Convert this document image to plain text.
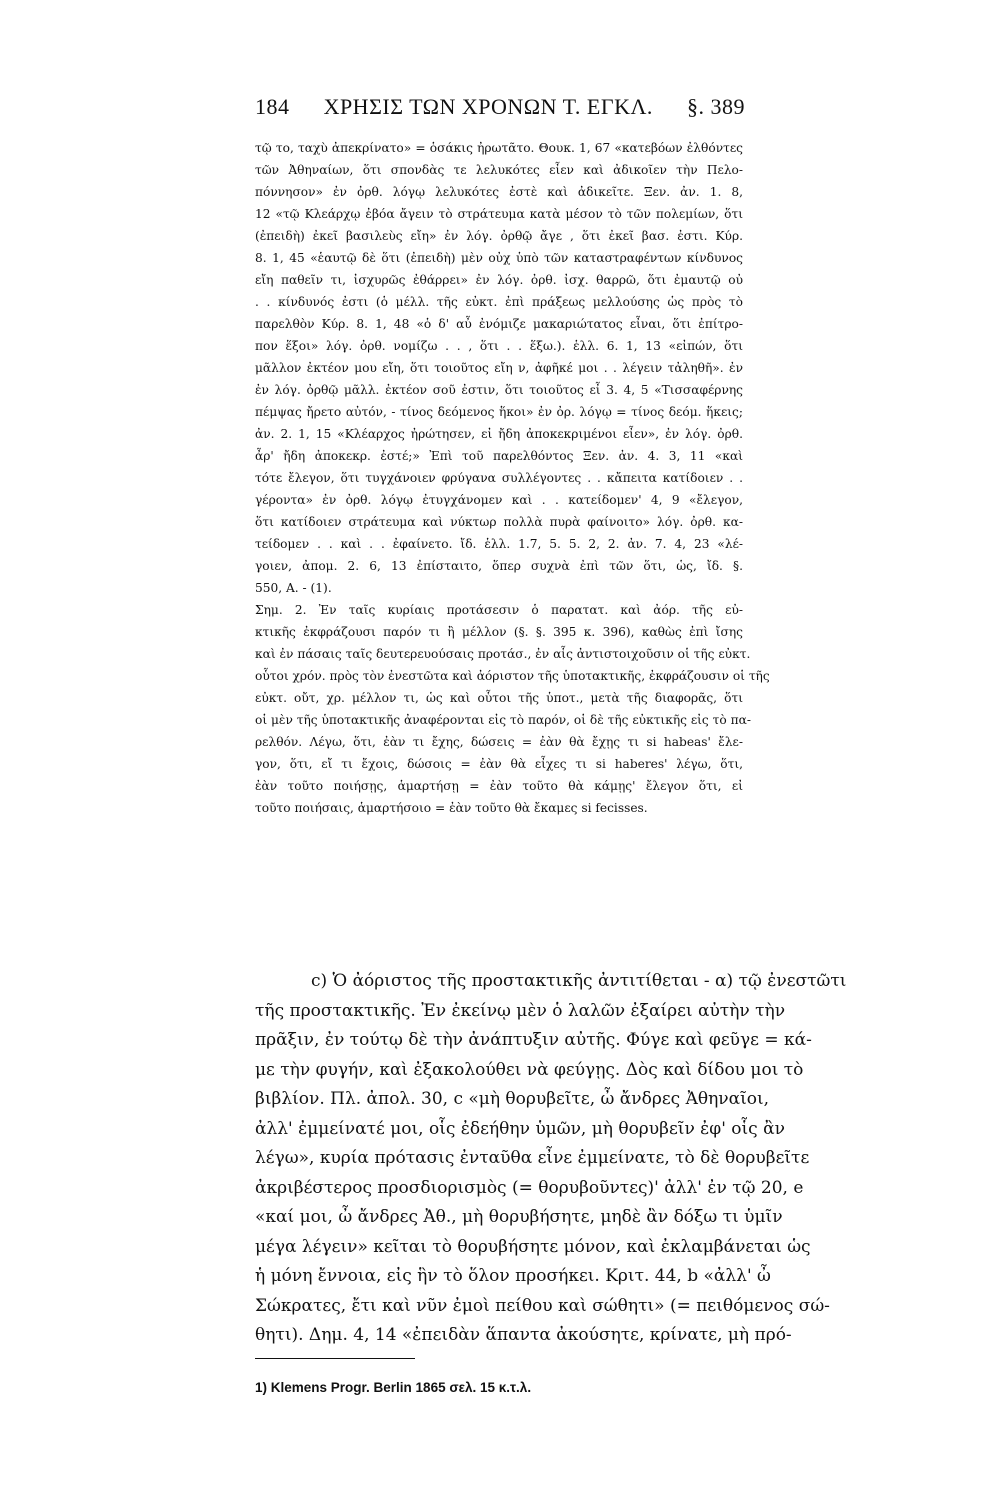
184 ΧΡΗΣΙΣ ΤΩΝ ΧΡΟΝΩΝ Τ. ΕΓΚΛ. §. 389
τῷ το, ταχὺ ἀπεκρίνατο» = ὁσάκις ἠρωτᾶτο. Θουκ. 1, 67 «κατεβόων ἐλθόντες
τῶν Ἀθηναίων, ὅτι σπονδὰς τε λελυκότες εἶεν καὶ ἀδικοῖεν τὴν Πελο-
πόννησον» ἐν ὀρθ. λόγῳ λελυκότες ἐστὲ καὶ ἀδικεῖτε. Ξεν. ἀν. 1. 8,
12 «τῷ Κλεάρχῳ ἐβόα ἄγειν τὸ στράτευμα κατὰ μέσον τὸ τῶν πολεμίων, ὅτι
(ἐπειδὴ) ἐκεῖ βασιλεὺς εἴη» ἐν λόγ. ὀρθῷ ἄγε , ὅτι ἐκεῖ βασ. ἐστι. Κύρ.
8. 1, 45 «ἑαυτῷ δὲ ὅτι (ἐπειδὴ) μὲν οὐχ ὑπὸ τῶν καταστραφέντων κίνδυνος
εἴη παθεῖν τι, ἰσχυρῶς ἐθάρρει» ἐν λόγ. ὀρθ. ἰσχ. θαρρῶ, ὅτι ἐμαυτῷ οὐ
. . κίνδυνός ἐστι (ὁ μέλλ. τῆς εὐκτ. ἐπὶ πράξεως μελλούσης ὡς πρὸς τὸ
παρελθὸν Κύρ. 8. 1, 48 «ὁ δ' αὖ ἐνόμιζε μακαριώτατος εἶναι, ὅτι ἐπίτρο-
πον ἕξοι» λόγ. ὀρθ. νομίζω . . , ὅτι . . ἕξω.). ἑλλ. 6. 1, 13 «εἰπών, ὅτι
μᾶλλον ἐκτέον μου εἴη, ὅτι τοιοῦτος εἴη ν, ἀφῆκέ μοι . . λέγειν τἀληθῆ». ἐν
ἐν λόγ. ὀρθῷ μᾶλλ. ἐκτέον σοῦ ἐστιν, ὅτι τοιοῦτος εἶ 3. 4, 5 «Τισσαφέρνης
πέμψας ἤρετο αὐτόν, - τίνος δεόμενος ἥκοι» ἐν ὀρ. λόγῳ = τίνος δεόμ. ἥκεις;
ἀν. 2. 1, 15 «Κλέαρχος ἠρώτησεν, εἰ ἤδη ἀποκεκριμένοι εἶεν», ἐν λόγ. ὀρθ.
ἆρ' ἤδη ἀποκεκρ. ἐστέ;» Ἐπὶ τοῦ παρελθόντος Ξεν. ἀν. 4. 3, 11 «καὶ
τότε ἔλεγον, ὅτι τυγχάνοιεν φρύγανα συλλέγοντες . . κἄπειτα κατίδοιεν . .
γέροντα» ἐν ὀρθ. λόγῳ ἐτυγχάνομεν καὶ . . κατείδομεν' 4, 9 «ἔλεγον,
ὅτι κατίδοιεν στράτευμα καὶ νύκτωρ πολλὰ πυρὰ φαίνοιτο» λόγ. ὀρθ. κα-
τείδομεν . . καὶ . . ἐφαίνετο. ἴδ. ἑλλ. 1.7, 5. 5. 2, 2. ἀν. 7. 4, 23 «λέ-
γοιεν, ἀπομ. 2. 6, 13 ἐπίσταιτο, ὅπερ συχνὰ ἐπὶ τῶν ὅτι, ὡς, ἴδ. §.
550, A. - (1).
Σημ. 2. Ἐν ταῖς κυρίαις προτάσεσιν ὁ παρατατ. καὶ ἀόρ. τῆς εὐ-
κτικῆς ἐκφράζουσι παρόν τι ἢ μέλλον (§. §. 395 κ. 396), καθὼς ἐπὶ ἴσης
καὶ ἐν πάσαις ταῖς δευτερευούσαις προτάσ., ἐν αἷς ἀντιστοιχοῦσιν οἱ τῆς εὐκτ.
οὗτοι χρόν. πρὸς τὸν ἐνεστῶτα καὶ ἀόριστον τῆς ὑποτακτικῆς, ἐκφράζουσιν οἱ τῆς
εὐκτ. οὔτ, χρ. μέλλον τι, ὡς καὶ οὗτοι τῆς ὑποτ., μετὰ τῆς διαφορᾶς, ὅτι
οἱ μὲν τῆς ὑποτακτικῆς ἀναφέρονται εἰς τὸ παρόν, οἱ δὲ τῆς εὐκτικῆς εἰς τὸ πα-
ρελθόν. Λέγω, ὅτι, ἐὰν τι ἔχης, δώσεις = ἐὰν θὰ ἔχῃς τι si habeas' ἔλε-
γον, ὅτι, εἴ τι ἔχοις, δώσοις = ἐὰν θὰ εἶχες τι si haberes' λέγω, ὅτι,
ἐὰν τοῦτο ποιήσῃς, ἁμαρτήσῃ = ἐὰν τοῦτο θὰ κάμῃς' ἔλεγον ὅτι, εἰ
τοῦτο ποιήσαις, ἁμαρτήσοιο = ἐὰν τοῦτο θὰ ἔκαμες si fecisses.
c) Ὁ ἀόριστος τῆς προστακτικῆς ἀντιτίθεται - α) τῷ ἐνεστῶτι
τῆς προστακτικῆς. Ἐν ἐκείνῳ μὲν ὁ λαλῶν ἐξαίρει αὐτὴν τὴν
πρᾶξιν, ἐν τούτῳ δὲ τὴν ἀνάπτυξιν αὐτῆς. Φύγε καὶ φεῦγε = κά-
με τὴν φυγήν, καὶ ἐξακολούθει νὰ φεύγῃς. Δὸς καὶ δίδου μοι τὸ
βιβλίον. Πλ. ἀπολ. 30, c «μὴ θορυβεῖτε, ὦ ἄνδρες Ἀθηναῖοι,
ἀλλ' ἐμμείνατέ μοι, οἷς ἐδεήθην ὑμῶν, μὴ θορυβεῖν ἐφ' οἷς ἂν
λέγω», κυρία πρότασις ἐνταῦθα εἶνε ἐμμείνατε, τὸ δὲ θορυβεῖτε
ἀκριβέστερος προσδιορισμὸς (= θορυβοῦντες)' ἀλλ' ἐν τῷ 20, e
«καί μοι, ὦ ἄνδρες Ἀθ., μὴ θορυβήσητε, μηδὲ ἂν δόξω τι ὑμῖν
μέγα λέγειν» κεῖται τὸ θορυβήσητε μόνον, καὶ ἐκλαμβάνεται ὡς
ἡ μόνη ἔννοια, εἰς ἣν τὸ ὅλον προσήκει. Κριτ. 44, b «ἀλλ' ὦ
Σώκρατες, ἔτι καὶ νῦν ἐμοὶ πείθου καὶ σώθητι» (= πειθόμενος σώ-
θητι). Δημ. 4, 14 «ἐπειδὰν ἅπαντα ἀκούσητε, κρίνατε, μὴ πρό-
1) Klemens Progr. Berlin 1865 σελ. 15 κ.τ.λ.
